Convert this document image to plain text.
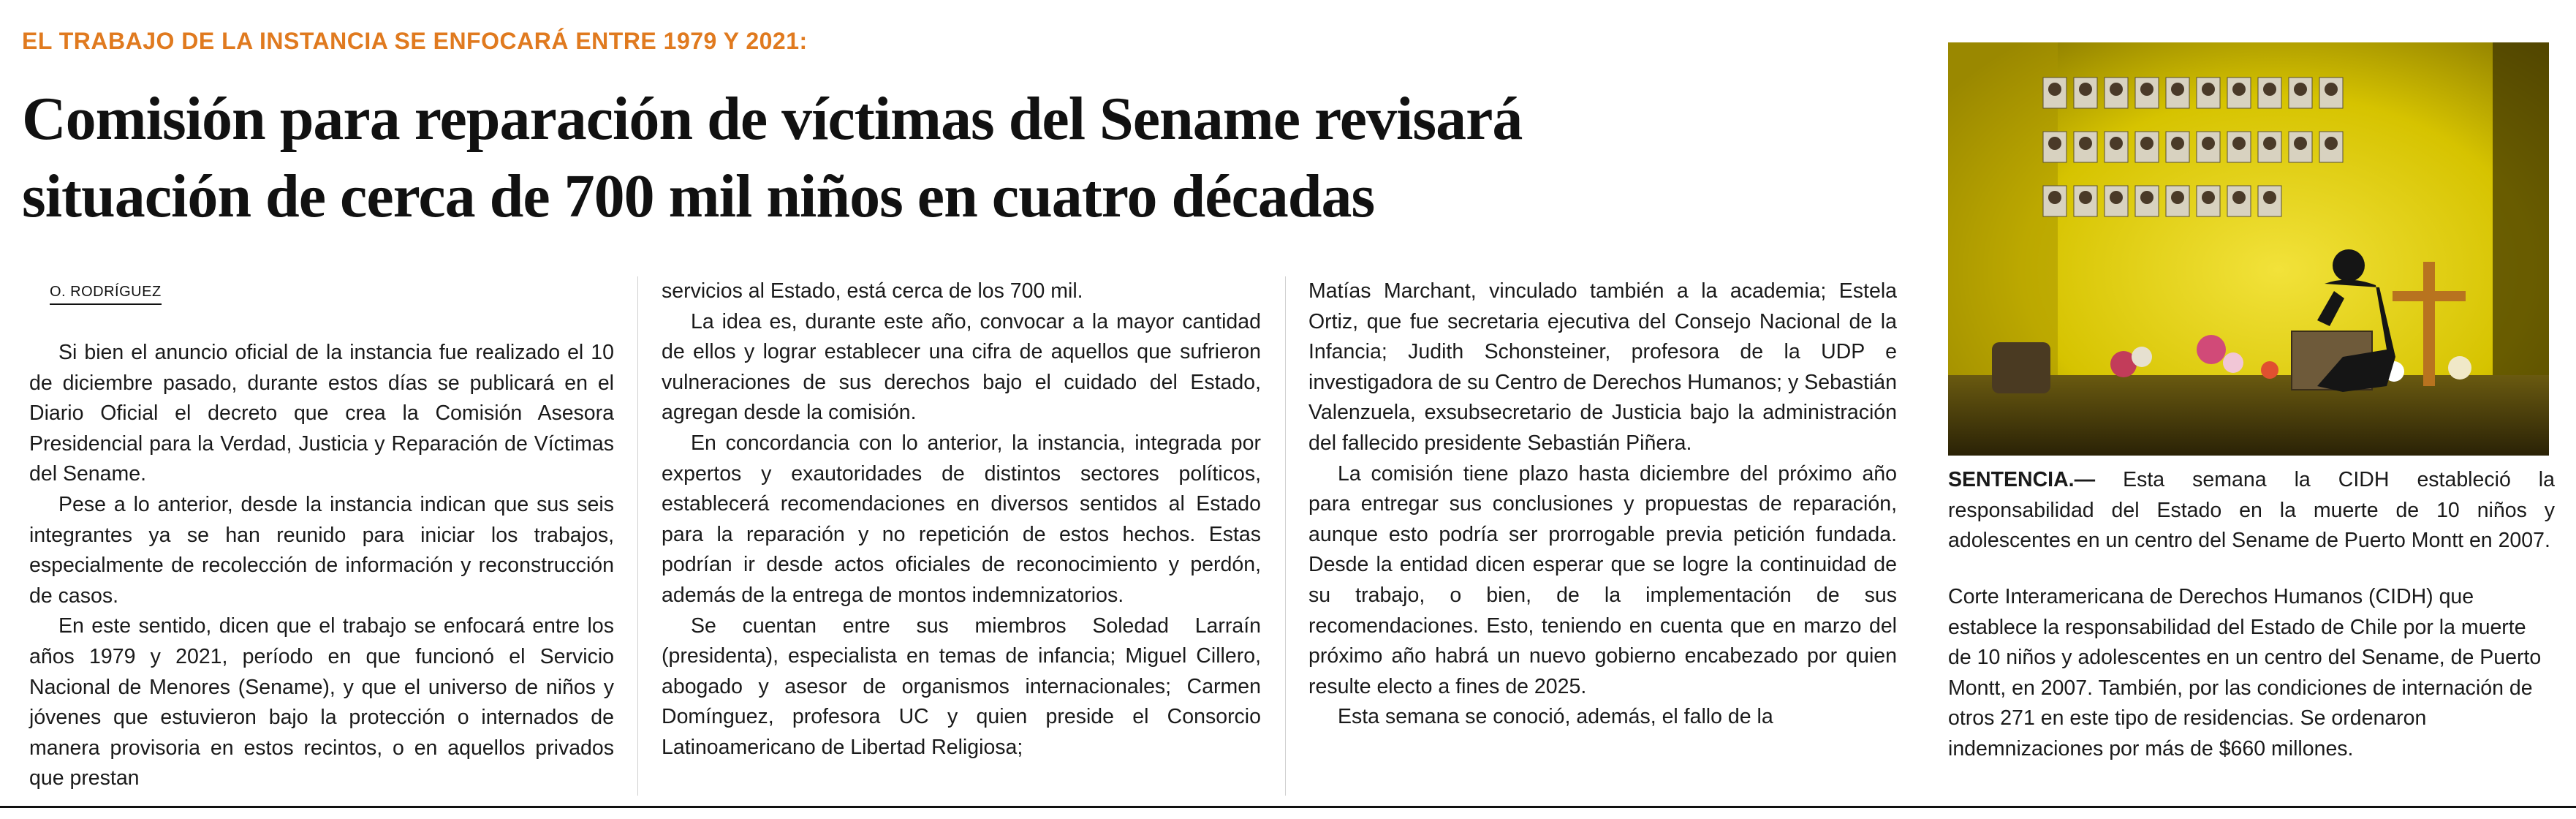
EL TRABAJO DE LA INSTANCIA SE ENFOCARÁ ENTRE 1979 Y 2021:
Comisión para reparación de víctimas del Sename revisará
situación de cerca de 700 mil niños en cuatro décadas
O. RODRÍGUEZ

Si bien el anuncio oficial de la instancia fue realizado el 10 de diciembre pasado, durante estos días se publicará en el Diario Oficial el decreto que crea la Comisión Asesora Presidencial para la Verdad, Justicia y Reparación de Víctimas del Sename.

Pese a lo anterior, desde la instancia indican que sus seis integrantes ya se han reunido para iniciar los trabajos, especialmente de recolección de información y reconstrucción de casos.

En este sentido, dicen que el trabajo se enfocará entre los años 1979 y 2021, período en que funcionó el Servicio Nacional de Menores (Sename), y que el universo de niños y jóvenes que estuvieron bajo la protección o internados de manera provisoria en estos recintos, o en aquellos privados que prestan

servicios al Estado, está cerca de los 700 mil.

La idea es, durante este año, convocar a la mayor cantidad de ellos y lograr establecer una cifra de aquellos que sufrieron vulneraciones de sus derechos bajo el cuidado del Estado, agregan desde la comisión.

En concordancia con lo anterior, la instancia, integrada por expertos y exautoridades de distintos sectores políticos, establecerá recomendaciones en diversos sentidos al Estado para la reparación y no repetición de estos hechos. Estas podrían ir desde actos oficiales de reconocimiento y perdón, además de la entrega de montos indemnizatorios.

Se cuentan entre sus miembros Soledad Larraín (presidenta), especialista en temas de infancia; Miguel Cillero, abogado y asesor de organismos internacionales; Carmen Domínguez, profesora UC y quien preside el Consorcio Latinoamericano de Libertad Religiosa;

Matías Marchant, vinculado también a la academia; Estela Ortiz, que fue secretaria ejecutiva del Consejo Nacional de la Infancia; Judith Schonsteiner, profesora de la UDP e investigadora de su Centro de Derechos Humanos; y Sebastián Valenzuela, exsubsecretario de Justicia bajo la administración del fallecido presidente Sebastián Piñera.

La comisión tiene plazo hasta diciembre del próximo año para entregar sus conclusiones y propuestas de reparación, aunque esto podría ser prorrogable previa petición fundada. Desde la entidad dicen esperar que se logre la continuidad de su trabajo, o bien, de la implementación de sus recomendaciones. Esto, teniendo en cuenta que en marzo del próximo año habrá un nuevo gobierno encabezado por quien resulte electo a fines de 2025.

Esta semana se conoció, además, el fallo de la

SENTENCIA.— Esta semana la CIDH estableció la responsabilidad del Estado en la muerte de 10 niños y adolescentes en un centro del Sename de Puerto Montt en 2007.

Corte Interamericana de Derechos Humanos (CIDH) que establece la responsabilidad del Estado de Chile por la muerte de 10 niños y adolescentes en un centro del Sename, de Puerto Montt, en 2007. También, por las condiciones de internación de otros 271 en este tipo de residencias. Se ordenaron indemnizaciones por más de $660 millones.
